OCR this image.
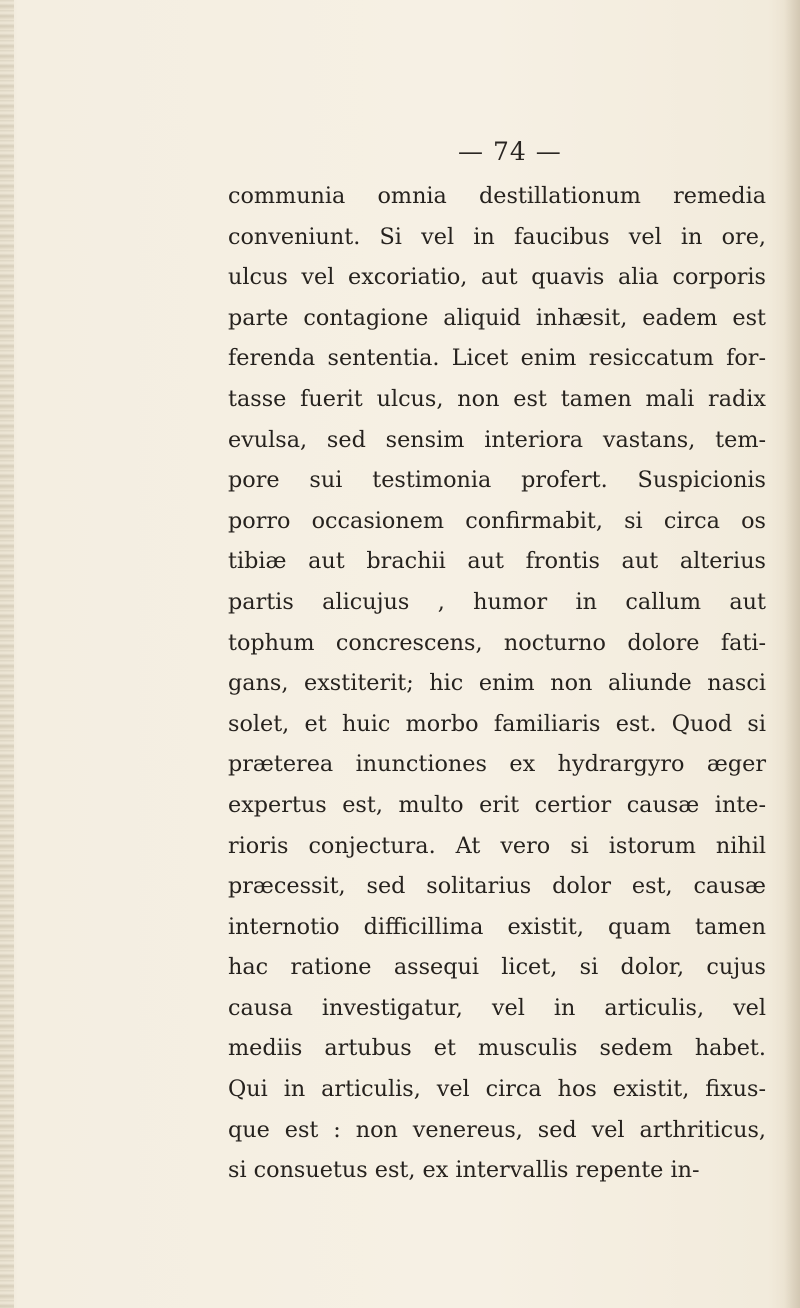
— 74 —
communia omnia destillationum remedia
conveniunt. Si vel in faucibus vel in ore,
ulcus vel excoriatio, aut quavis alia corporis
parte contagione aliquid inhæsit, eadem est
ferenda sententia. Licet enim resiccatum for-
tasse fuerit ulcus, non est tamen mali radix
evulsa, sed sensim interiora vastans, tem-
pore sui testimonia profert. Suspicionis
porro occasionem confirmabit, si circa os
tibiæ aut brachii aut frontis aut alterius
partis alicujus , humor in callum aut
tophum concrescens, nocturno dolore fati-
gans, exstiterit; hic enim non aliunde nasci
solet, et huic morbo familiaris est. Quod si
præterea inunctiones ex hydrargyro æger
expertus est, multo erit certior causæ inte-
rioris conjectura. At vero si istorum nihil
præcessit, sed solitarius dolor est, causæ
internotio difficillima existit, quam tamen
hac ratione assequi licet, si dolor, cujus
causa investigatur, vel in articulis, vel
mediis artubus et musculis sedem habet.
Qui in articulis, vel circa hos existit, fixus-
que est : non venereus, sed vel arthriticus,
si consuetus est, ex intervallis repente in-
